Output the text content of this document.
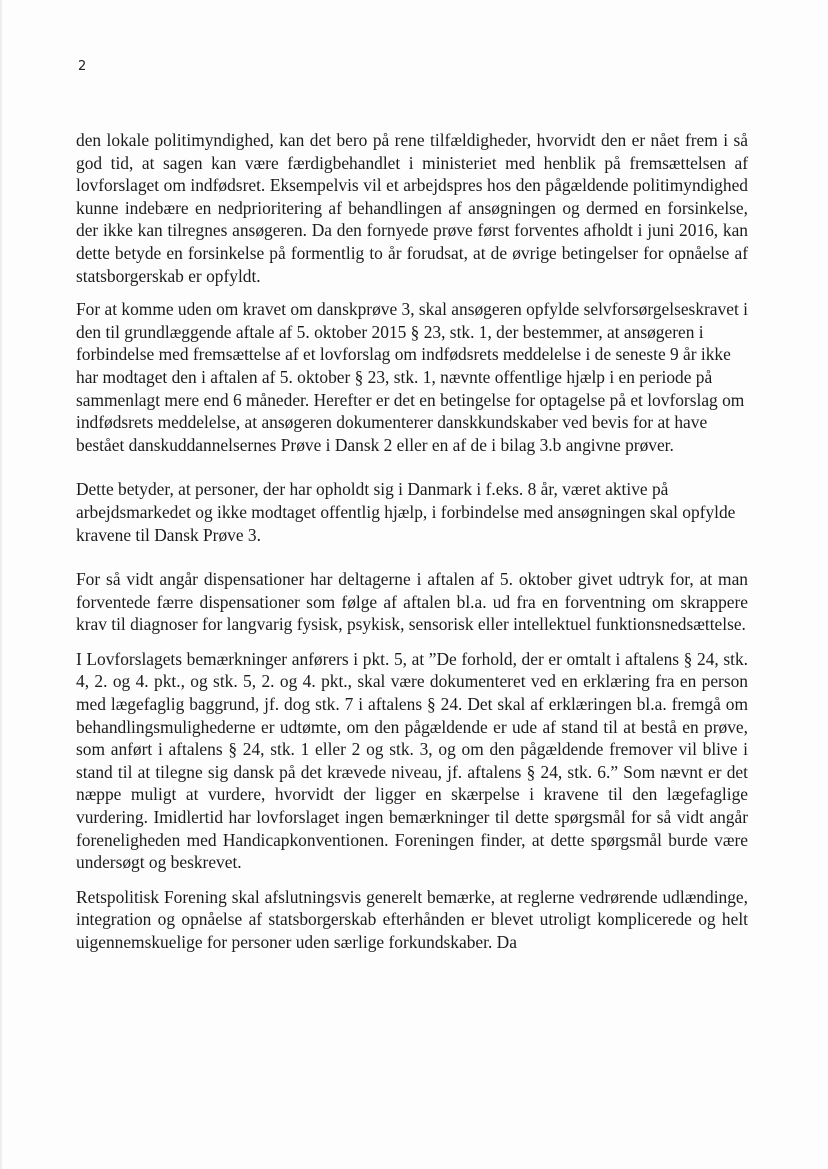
2

den lokale politimyndighed, kan det bero på rene tilfældigheder, hvorvidt den er nået frem i så god tid, at sagen kan være færdigbehandlet i ministeriet med henblik på fremsættelsen af lovforslaget om indfødsret. Eksempelvis vil et arbejdspres hos den pågældende politimyndighed kunne indebære en nedprioritering af behandlingen af ansøgningen og dermed en forsinkelse, der ikke kan tilregnes ansøgeren. Da den fornyede prøve først forventes afholdt i juni 2016, kan dette betyde en forsinkelse på formentlig to år forudsat, at de øvrige betingelser for opnåelse af statsborgerskab er opfyldt.

For at komme uden om kravet om danskprøve 3, skal ansøgeren opfylde selvforsørgelseskravet i den til grundlæggende aftale af 5. oktober 2015 § 23, stk. 1, der bestemmer, at ansøgeren i forbindelse med fremsættelse af et lovforslag om indfødsrets meddelelse i de seneste 9 år ikke har modtaget den i aftalen af 5. oktober § 23, stk. 1, nævnte offentlige hjælp i en periode på sammenlagt mere end 6 måneder. Herefter er det en betingelse for optagelse på et lovforslag om indfødsrets meddelelse, at ansøgeren dokumenterer danskkundskaber ved bevis for at have bestået danskuddannelsernes Prøve i Dansk 2 eller en af de i bilag 3.b angivne prøver.

Dette betyder, at personer, der har opholdt sig i Danmark i f.eks. 8 år, været aktive på arbejdsmarkedet og ikke modtaget offentlig hjælp, i forbindelse med ansøgningen skal opfylde kravene til Dansk Prøve 3.

For så vidt angår dispensationer har deltagerne i aftalen af 5. oktober givet udtryk for, at man forventede færre dispensationer som følge af aftalen bl.a. ud fra en forventning om skrappere krav til diagnoser for langvarig fysisk, psykisk, sensorisk eller intellektuel funktionsnedsættelse.

I Lovforslagets bemærkninger anførers i pkt. 5, at ”De forhold, der er omtalt i aftalens § 24, stk. 4, 2. og 4. pkt., og stk. 5, 2. og 4. pkt., skal være dokumenteret ved en erklæring fra en person med lægefaglig baggrund, jf. dog stk. 7 i aftalens § 24. Det skal af erklæringen bl.a. fremgå om behandlingsmulighederne er udtømte, om den pågældende er ude af stand til at bestå en prøve, som anført i aftalens § 24, stk. 1 eller 2 og stk. 3, og om den pågældende fremover vil blive i stand til at tilegne sig dansk på det krævede niveau, jf. aftalens § 24, stk. 6.” Som nævnt er det næppe muligt at vurdere, hvorvidt der ligger en skærpelse i kravene til den lægefaglige vurdering. Imidlertid har lovforslaget ingen bemærkninger til dette spørgsmål for så vidt angår foreneligheden med Handicapkonventionen. Foreningen finder, at dette spørgsmål burde være undersøgt og beskrevet.

Retspolitisk Forening skal afslutningsvis generelt bemærke, at reglerne vedrørende udlændinge, integration og opnåelse af statsborgerskab efterhånden er blevet utroligt komplicerede og helt uigennemskuelige for personer uden særlige forkundskaber. Da
